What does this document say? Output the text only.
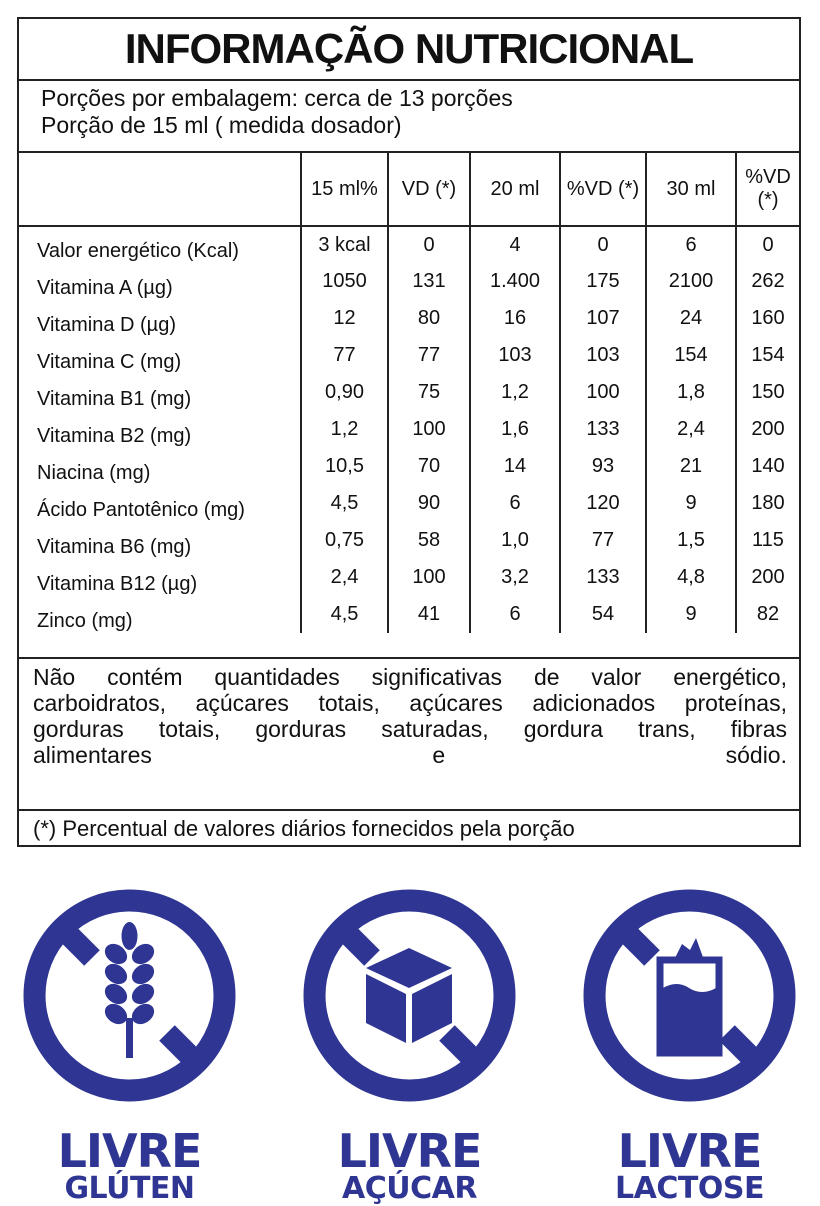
INFORMAÇÃO NUTRICIONAL
Porções por embalagem: cerca de 13 porções
Porção de 15 ml ( medida dosador)
	15 ml%	VD (*)	20 ml	%VD (*)	30 ml	%VD (*)
Valor energético (Kcal)	3 kcal	0	4	0	6	0
Vitamina A (µg)	1050	131	1.400	175	2100	262
Vitamina D (µg)	12	80	16	107	24	160
Vitamina C (mg)	77	77	103	103	154	154
Vitamina B1 (mg)	0,90	75	1,2	100	1,8	150
Vitamina B2 (mg)	1,2	100	1,6	133	2,4	200
Niacina (mg)	10,5	70	14	93	21	140
Ácido Pantotênico (mg)	4,5	90	6	120	9	180
Vitamina B6 (mg)	0,75	58	1,0	77	1,5	115
Vitamina B12 (µg)	2,4	100	3,2	133	4,8	200
Zinco (mg)	4,5	41	6	54	9	82
Não contém quantidades significativas de valor energético,
carboidratos, açúcares totais, açúcares adicionados proteínas,
gorduras totais, gorduras saturadas, gordura trans, fibras
alimentares e sódio.
(*) Percentual de valores diários fornecidos pela porção
LIVRE
GLÚTEN
LIVRE
AÇÚCAR
LIVRE
LACTOSE
